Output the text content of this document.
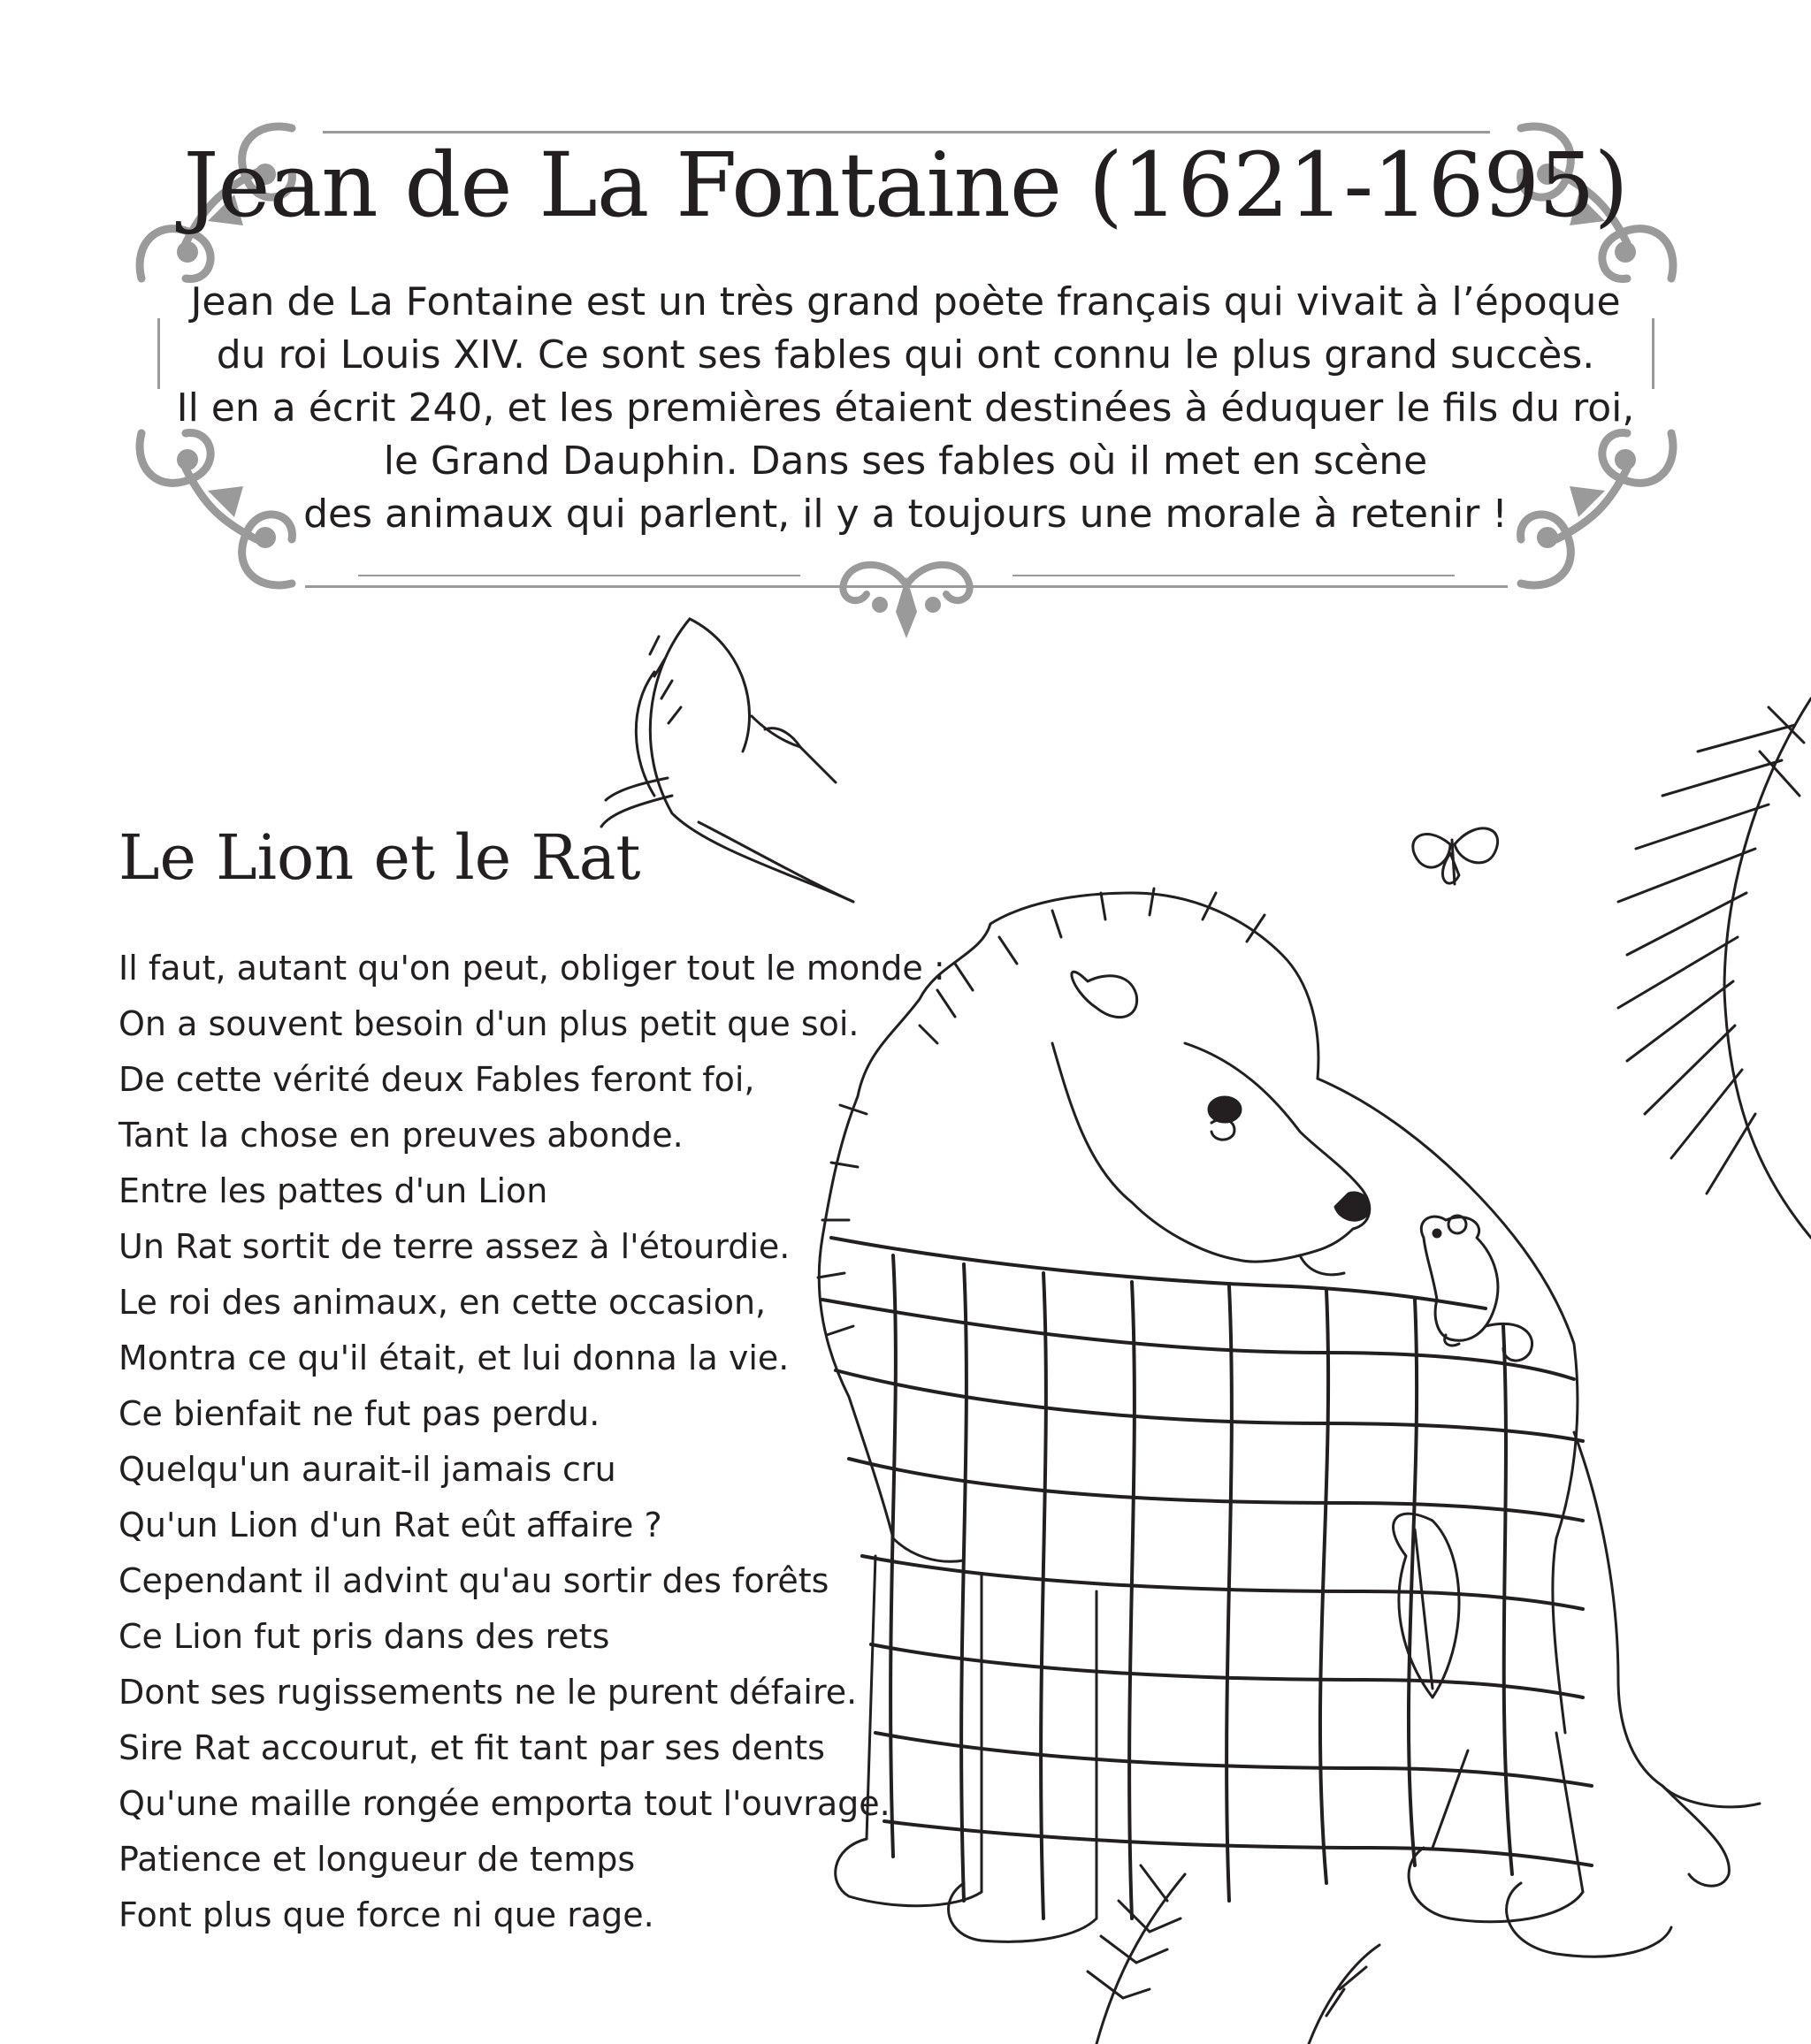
Jean de La Fontaine (1621-1695)
Jean de La Fontaine est un très grand poète français qui vivait à l’époque
du roi Louis XIV. Ce sont ses fables qui ont connu le plus grand succès.
Il en a écrit 240, et les premières étaient destinées à éduquer le fils du roi,
le Grand Dauphin. Dans ses fables où il met en scène
des animaux qui parlent, il y a toujours une morale à retenir !
Le Lion et le Rat
Il faut, autant qu'on peut, obliger tout le monde :
On a souvent besoin d'un plus petit que soi.
De cette vérité deux Fables feront foi,
Tant la chose en preuves abonde.
Entre les pattes d'un Lion
Un Rat sortit de terre assez à l'étourdie.
Le roi des animaux, en cette occasion,
Montra ce qu'il était, et lui donna la vie.
Ce bienfait ne fut pas perdu.
Quelqu'un aurait-il jamais cru
Qu'un Lion d'un Rat eût affaire ?
Cependant il advint qu'au sortir des forêts
Ce Lion fut pris dans des rets
Dont ses rugissements ne le purent défaire.
Sire Rat accourut, et fit tant par ses dents
Qu'une maille rongée emporta tout l'ouvrage.
Patience et longueur de temps
Font plus que force ni que rage.
